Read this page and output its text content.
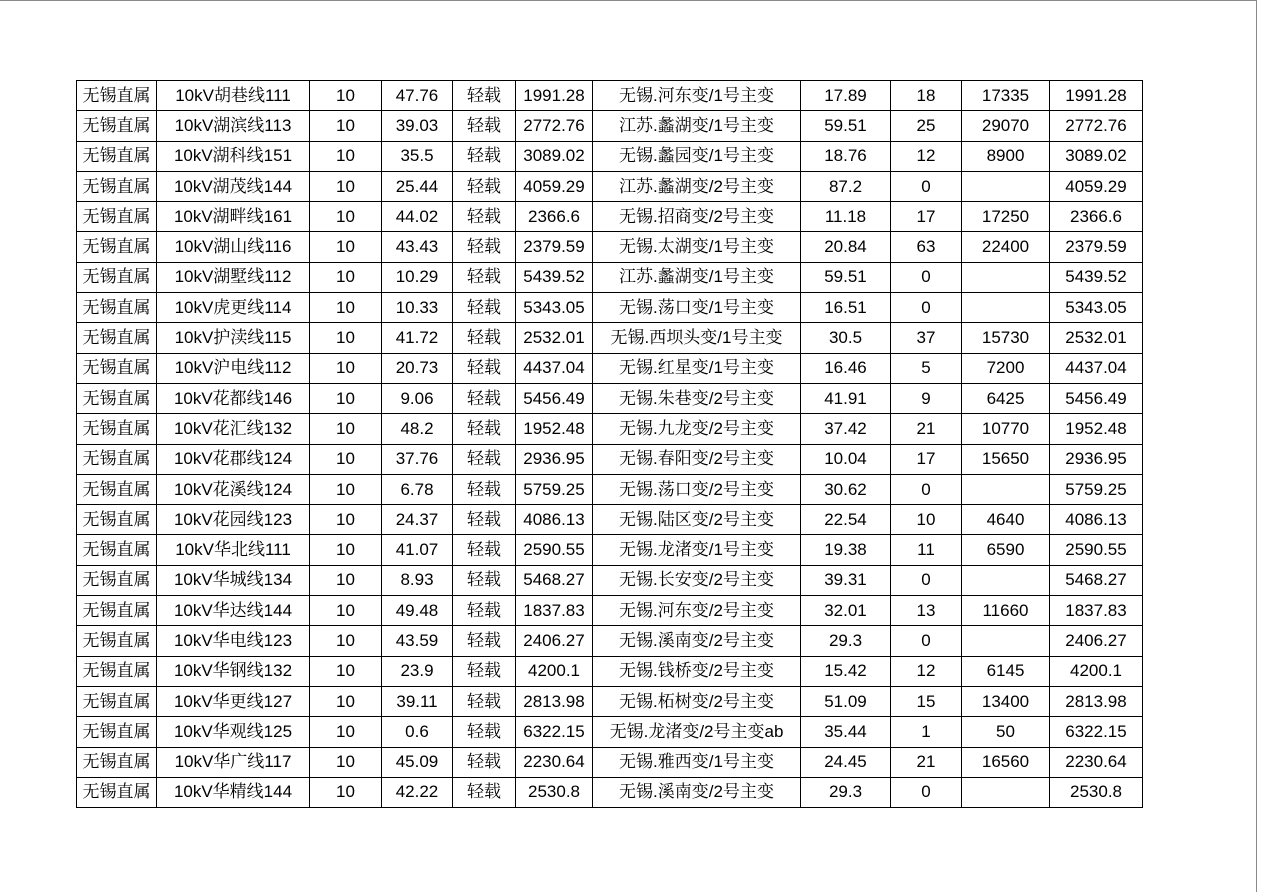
无锡直属	10kV胡巷线111	10	47.76	轻载	1991.28	无锡.河东变/1号主变	17.89	18	17335	1991.28
无锡直属	10kV湖滨线113	10	39.03	轻载	2772.76	江苏.蠡湖变/1号主变	59.51	25	29070	2772.76
无锡直属	10kV湖科线151	10	35.5	轻载	3089.02	无锡.蠡园变/1号主变	18.76	12	8900	3089.02
无锡直属	10kV湖茂线144	10	25.44	轻载	4059.29	江苏.蠡湖变/2号主变	87.2	0		4059.29
无锡直属	10kV湖畔线161	10	44.02	轻载	2366.6	无锡.招商变/2号主变	11.18	17	17250	2366.6
无锡直属	10kV湖山线116	10	43.43	轻载	2379.59	无锡.太湖变/1号主变	20.84	63	22400	2379.59
无锡直属	10kV湖墅线112	10	10.29	轻载	5439.52	江苏.蠡湖变/1号主变	59.51	0		5439.52
无锡直属	10kV虎更线114	10	10.33	轻载	5343.05	无锡.荡口变/1号主变	16.51	0		5343.05
无锡直属	10kV护渎线115	10	41.72	轻载	2532.01	无锡.西坝头变/1号主变	30.5	37	15730	2532.01
无锡直属	10kV沪电线112	10	20.73	轻载	4437.04	无锡.红星变/1号主变	16.46	5	7200	4437.04
无锡直属	10kV花都线146	10	9.06	轻载	5456.49	无锡.朱巷变/2号主变	41.91	9	6425	5456.49
无锡直属	10kV花汇线132	10	48.2	轻载	1952.48	无锡.九龙变/2号主变	37.42	21	10770	1952.48
无锡直属	10kV花郡线124	10	37.76	轻载	2936.95	无锡.春阳变/2号主变	10.04	17	15650	2936.95
无锡直属	10kV花溪线124	10	6.78	轻载	5759.25	无锡.荡口变/2号主变	30.62	0		5759.25
无锡直属	10kV花园线123	10	24.37	轻载	4086.13	无锡.陆区变/2号主变	22.54	10	4640	4086.13
无锡直属	10kV华北线111	10	41.07	轻载	2590.55	无锡.龙渚变/1号主变	19.38	11	6590	2590.55
无锡直属	10kV华城线134	10	8.93	轻载	5468.27	无锡.长安变/2号主变	39.31	0		5468.27
无锡直属	10kV华达线144	10	49.48	轻载	1837.83	无锡.河东变/2号主变	32.01	13	11660	1837.83
无锡直属	10kV华电线123	10	43.59	轻载	2406.27	无锡.溪南变/2号主变	29.3	0		2406.27
无锡直属	10kV华钢线132	10	23.9	轻载	4200.1	无锡.钱桥变/2号主变	15.42	12	6145	4200.1
无锡直属	10kV华更线127	10	39.11	轻载	2813.98	无锡.柘树变/2号主变	51.09	15	13400	2813.98
无锡直属	10kV华观线125	10	0.6	轻载	6322.15	无锡.龙渚变/2号主变ab	35.44	1	50	6322.15
无锡直属	10kV华广线117	10	45.09	轻载	2230.64	无锡.雅西变/1号主变	24.45	21	16560	2230.64
无锡直属	10kV华精线144	10	42.22	轻载	2530.8	无锡.溪南变/2号主变	29.3	0		2530.8
